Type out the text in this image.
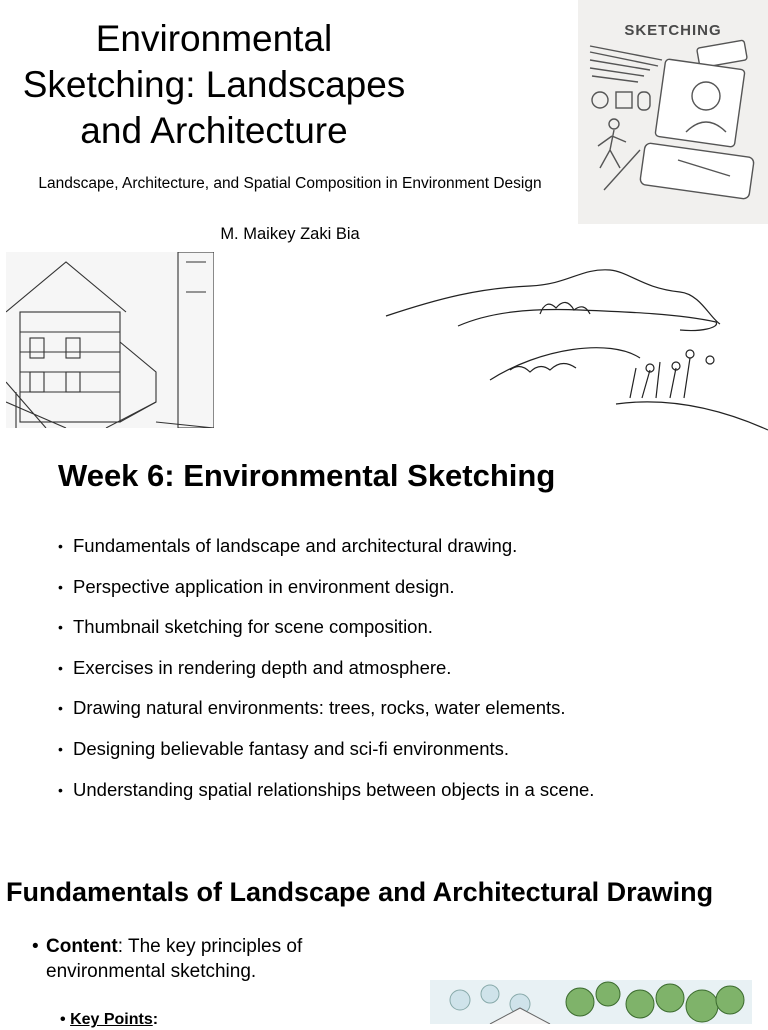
Environmental
Sketching: Landscapes
and Architecture
Landscape, Architecture, and Spatial Composition in Environment Design
M. Maikey Zaki Bia
SKETCHING
Week 6: Environmental Sketching
• Fundamentals of landscape and architectural drawing.
• Perspective application in environment design.
• Thumbnail sketching for scene composition.
• Exercises in rendering depth and atmosphere.
• Drawing natural environments: trees, rocks, water elements.
• Designing believable fantasy and sci-fi environments.
• Understanding spatial relationships between objects in a scene.
Fundamentals of Landscape and Architectural Drawing
• Content: The key principles of environmental sketching.
• Key Points:
